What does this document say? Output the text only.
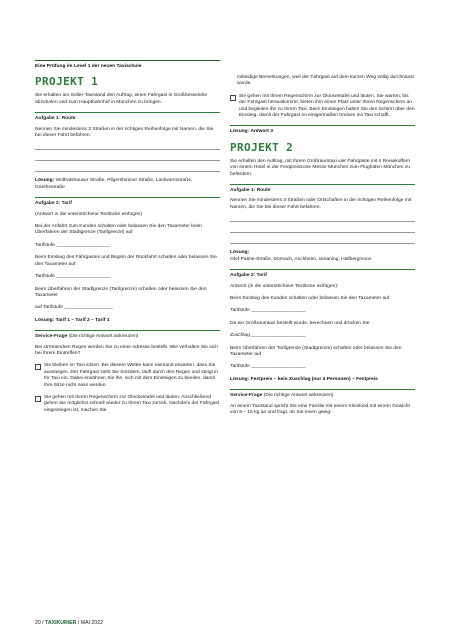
Eine Prüfung im Level 1 der neuen Taxischule
PROJEKT 1

Sie erhalten am Soller-Taxistand den Auftrag, einen Fahrgast in Großhesselohe abzuholen und zum Hauptbahnhof in München zu bringen.

Aufgabe 1: Route

Nennen Sie mindestens 3 Straßen in der richtigen Reihenfolge mit Namen, die Sie bei dieser Fahrt befahren.

Lösung: Wolfratshauser Straße, Pilgersheimer Straße, Lindwurmstraße, Goethestraße

Aufgabe 2: Tarif

(Antwort in die unterstrichene Textlücke einfügen)

Bei der Anfahrt zum Kunden schalten oder belassen Sie den Taxameter beim Überfahren der Stadtgrenze (Tarifgrenze) auf

Tarifstufe ____________________

Beim Einstieg des Fahrgastes und Beginn der Rückfahrt schalten oder belassen Sie den Taxameter auf

Tarifstufe ____________________

Beim Überfahren der Stadtgrenze (Tarifgrenze) schalten oder belassen Sie den Taxameter

auf Tarifstufe __________________

Lösung: Tarif 1 – Tarif 2 – Tarif 1

Service-Frage (Die richtige Antwort ankreuzen)

Bei strömendem Regen werden Sie zu einer Adresse bestellt. Wie verhalten Sie sich bei Ihrem Eintreffen?

Sie bleiben im Taxi sitzen. Bei diesem Wetter kann niemand erwarten, dass Sie aussteigen. Der Fahrgast sieht Sie trotzdem, läuft durch den Regen und steigt in Ihr Taxi ein. Dabei erwähnen Sie ihn, sich mit dem Einsteigen zu beeilen, damit Ihre Sitze nicht nass werden.
Sie gehen mit Ihrem Regenschirm zur Glockentafel und läuten. Anschließend gehen Sie möglichst schnell wieder zu Ihrem Taxi zurück. Nachdem der Fahrgast eingestiegen ist, machen Sie

mitleidige Bemerkungen, weil der Fahrgast auf dem kurzen Weg völlig durchnässt wurde.

Sie gehen mit Ihrem Regenschirm zur Glockentafel und läuten. Sie warten, bis der Fahrgast herauskommt, bieten ihm einen Platz unter Ihrem Regenschirm an und begleiten ihn zu Ihrem Taxi. Beim Einsteigen halten Sie den Schirm über den Einstieg, damit der Fahrgast so einigermaßen trocken ins Taxi schafft.

Lösung: Antwort 3

PROJEKT 2

Sie erhalten den Auftrag, mit Ihrem Großraumtaxi vier Fahrgäste mit 4 Reisekoffern von einem Hotel in der Festpreiszone Messe München zum Flughafen München zu befördern.

Aufgabe 1: Route

Nennen Sie mindestens 3 Straßen oder Ortschaften in der richtigen Reihenfolge mit Namen, die Sie bei dieser Fahrt befahren.

Lösung:
Olof-Palme-Straße, Dornach, Aschheim, Ismaning, Hallbergmoos

Aufgabe 2: Tarif

Antwort (in die unterstrichene Textlücke einfügen):

Beim Einstieg des Kunden schalten oder belassen Sie den Taxameter auf

Tarifstufe ____________________

Da ein Großraumtaxi bestellt wurde, berechnen und drücken Sie

Zuschlag ____________________

Beim Überfahren der Tarifgrenze (Stadtgrenze) schalten oder belassen Sie den Taxameter auf

Tarifstufe ____________________

Lösung: Festpreis – kein Zuschlag (nur 4 Personen) – Festpreis

Service-Frage (Die richtige Antwort ankreuzen)

An einem Taxistand spricht Sie eine Familie mit einem Kleinkind mit einem Gewicht von 9 – 15 kg an und fragt, ob Sie einen geeig-

20 / TAXIKURIER / MAI 2022
